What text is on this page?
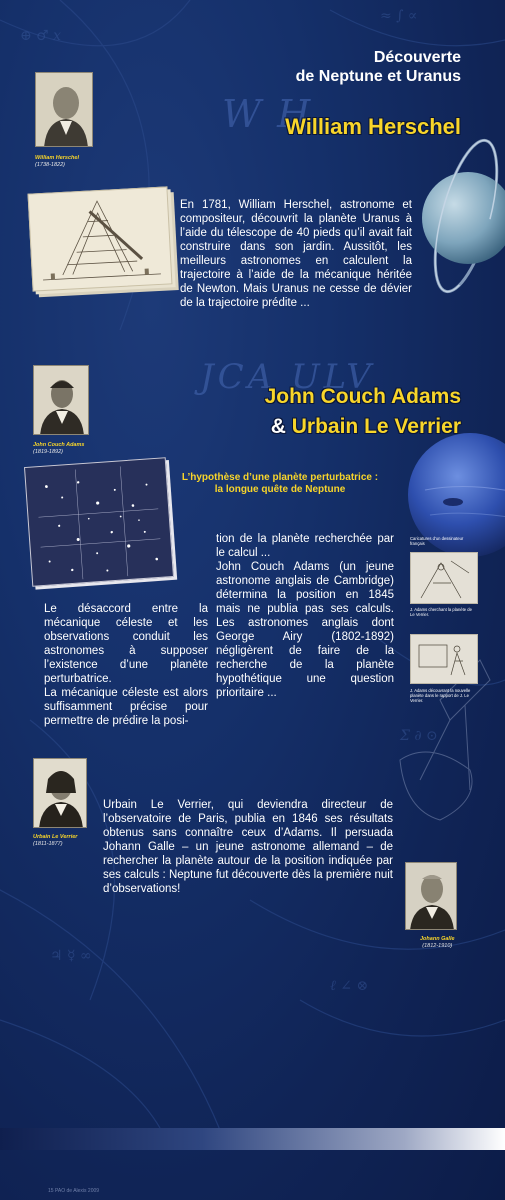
⊕ ♂ 𝑥
≈ ∫ ∝
Σ ∂ ⊙
♃ ☿ ∞
ℓ ∠ ⊗
Découverte
de Neptune et Uranus
W H
William Herschel
William Herschel
(1738-1822)
En 1781, William Herschel, astronome et compositeur, découvrit la planète Uranus à l’aide du télescope de 40 pieds qu’il avait fait construire dans son jardin. Aussitôt, les meilleurs astronomes en calculent la trajectoire à l’aide de la mécanique héritée de Newton. Mais Uranus ne cesse de dévier de la trajectoire prédite ...
JCA ULV
John Couch Adams
& Urbain Le Verrier
John Couch Adams
(1819-1892)
L’hypothèse d’une planète perturbatrice :
la longue quête de Neptune
Le désaccord entre la mécanique céleste et les observations conduit les astronomes à supposer l’existence d’une planète perturbatrice.
La mécanique céleste est alors suffisamment précise pour permettre de prédire la posi-
tion de la planète recherchée par le calcul ...
John Couch Adams (un jeune astronome anglais de Cambridge) détermina la position en 1845 mais ne publia pas ses calculs. Les astronomes anglais dont George Airy (1802-1892) négligèrent de faire de la recherche de la planète hypothétique une question prioritaire ...
Caricatures d’un dessinateur français
J. Adams cherchant la planète de Le Verrier.
J. Adams découvrant la nouvelle planète dans le rapport de J. Le Verrier.
Urbain Le Verrier
(1811-1877)
Urbain Le Verrier, qui deviendra directeur de l’observatoire de Paris, publia en 1846 ses résultats obtenus sans connaître ceux d’Adams. Il persuada Johann Galle – un jeune astronome allemand – de rechercher la planète autour de la position indiquée par ses calculs : Neptune fut découverte dès la première nuit d’observations!
Johann Galle
(1812-1910)
15 PAO de Alexis 2009
